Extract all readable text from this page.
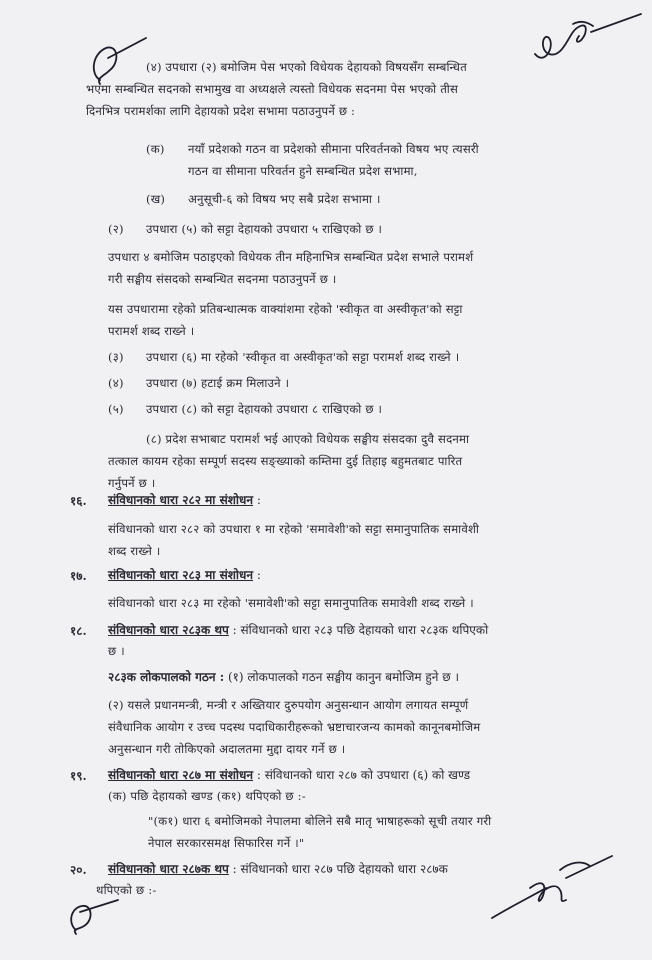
(४) उपधारा (२) बमोजिम पेस भएको विधेयक देहायको विषयसँग सम्बन्धित
भएमा सम्बन्धित सदनको सभामुख वा अध्यक्षले त्यस्तो विधेयक सदनमा पेस भएको तीस
दिनभित्र परामर्शका लागि देहायको प्रदेश सभामा पठाउनुपर्ने छ :
(क) नयाँ प्रदेशको गठन वा प्रदेशको सीमाना परिवर्तनको विषय भए त्यसरी
गठन वा सीमाना परिवर्तन हुने सम्बन्धित प्रदेश सभामा,
(ख) अनुसूची-६ को विषय भए सबै प्रदेश सभामा ।
(२) उपधारा (५) को सट्टा देहायको उपधारा ५ राखिएको छ ।
उपधारा ४ बमोजिम पठाइएको विधेयक तीन महिनाभित्र सम्बन्धित प्रदेश सभाले परामर्श
गरी सङ्घीय संसदको सम्बन्धित सदनमा पठाउनुपर्ने छ ।
यस उपधारामा रहेको प्रतिबन्धात्मक वाक्यांशमा रहेको 'स्वीकृत वा अस्वीकृत'को सट्टा
परामर्श शब्द राख्ने ।
(३) उपधारा (६) मा रहेको 'स्वीकृत वा अस्वीकृत'को सट्टा परामर्श शब्द राख्ने ।
(४) उपधारा (७) हटाई क्रम मिलाउने ।
(५) उपधारा (८) को सट्टा देहायको उपधारा ८ राखिएको छ ।
(८) प्रदेश सभाबाट परामर्श भई आएको विधेयक सङ्घीय संसदका दुवै सदनमा
तत्काल कायम रहेका सम्पूर्ण सदस्य सङ्ख्याको कम्तिमा दुई तिहाइ बहुमतबाट पारित
गर्नुपर्ने छ ।
१६. संविधानको धारा २८२ मा संशोधन :
संविधानको धारा २८२ को उपधारा १ मा रहेको 'समावेशी'को सट्टा समानुपातिक समावेशी
शब्द राख्ने ।
१७. संविधानको धारा २८३ मा संशोधन :
संविधानको धारा २८३ मा रहेको 'समावेशी'को सट्टा समानुपातिक समावेशी शब्द राख्ने ।
१८. संविधानको धारा २८३क थप : संविधानको धारा २८३ पछि देहायको धारा २८३क थपिएको
छ ।
२८३क लोकपालको गठन : (१) लोकपालको गठन सङ्घीय कानुन बमोजिम हुने छ ।
(२) यसले प्रधानमन्त्री, मन्त्री र अख्तियार दुरुपयोग अनुसन्धान आयोग लगायत सम्पूर्ण
संवैधानिक आयोग र उच्च पदस्थ पदाधिकारीहरूको भ्रष्टाचारजन्य कामको कानूनबमोजिम
अनुसन्धान गरी तोकिएको अदालतमा मुद्दा दायर गर्ने छ ।
१९. संविधानको धारा २८७ मा संशोधन : संविधानको धारा २८७ को उपधारा (६) को खण्ड
(क) पछि देहायको खण्ड (क१) थपिएको छ :-
"(क१) धारा ६ बमोजिमको नेपालमा बोलिने सबै मातृ भाषाहरूको सूची तयार गरी
नेपाल सरकारसमक्ष सिफारिस गर्ने ।"
२०. संविधानको धारा २८७क थप : संविधानको धारा २८७ पछि देहायको धारा २८७क
थपिएको छ :-
